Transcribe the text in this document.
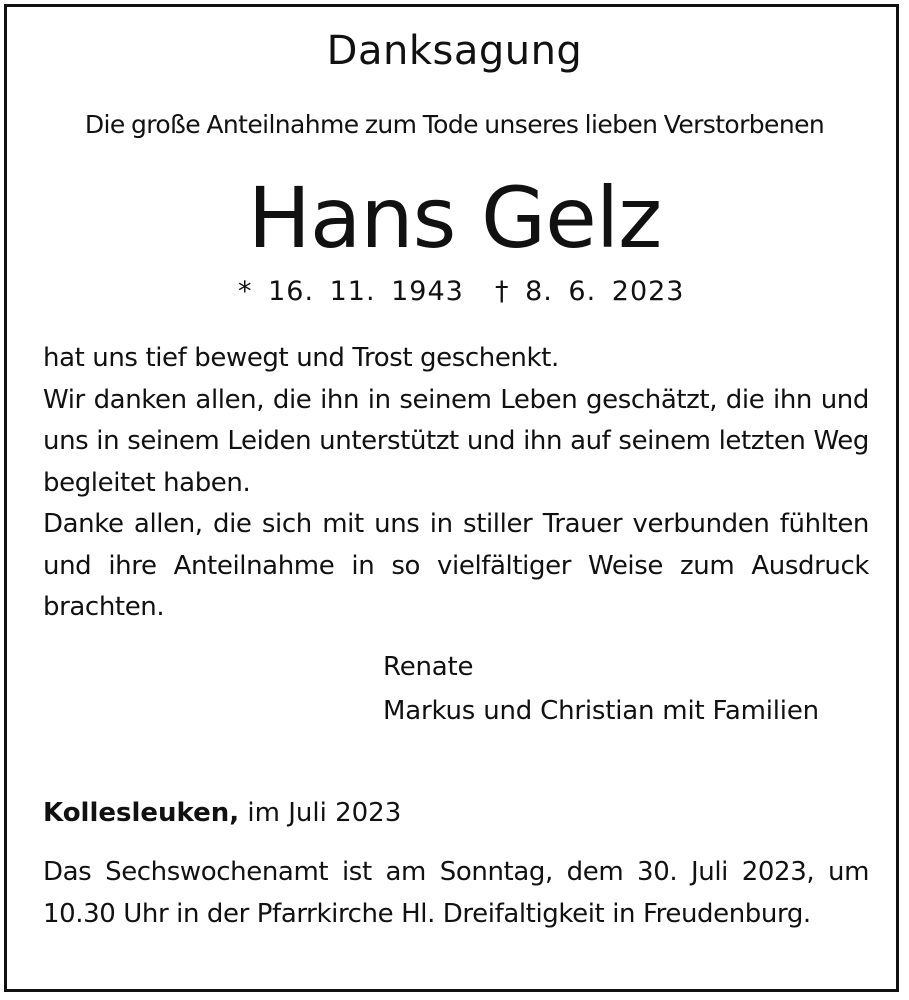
Danksagung
Die große Anteilnahme zum Tode unseres lieben Verstorbenen
Hans Gelz
* 16. 11. 1943 † 8. 6. 2023
hat uns tief bewegt und Trost geschenkt.
Wir danken allen, die ihn in seinem Leben geschätzt, die ihn und uns in seinem Leiden unterstützt und ihn auf seinem letzten Weg begleitet haben.
Danke allen, die sich mit uns in stiller Trauer verbunden fühlten und ihre Anteilnahme in so vielfältiger Weise zum Ausdruck brachten.
Renate
Markus und Christian mit Familien
Kollesleuken, im Juli 2023
Das Sechswochenamt ist am Sonntag, dem 30. Juli 2023, um 10.30 Uhr in der Pfarrkirche Hl. Dreifaltigkeit in Freudenburg.
